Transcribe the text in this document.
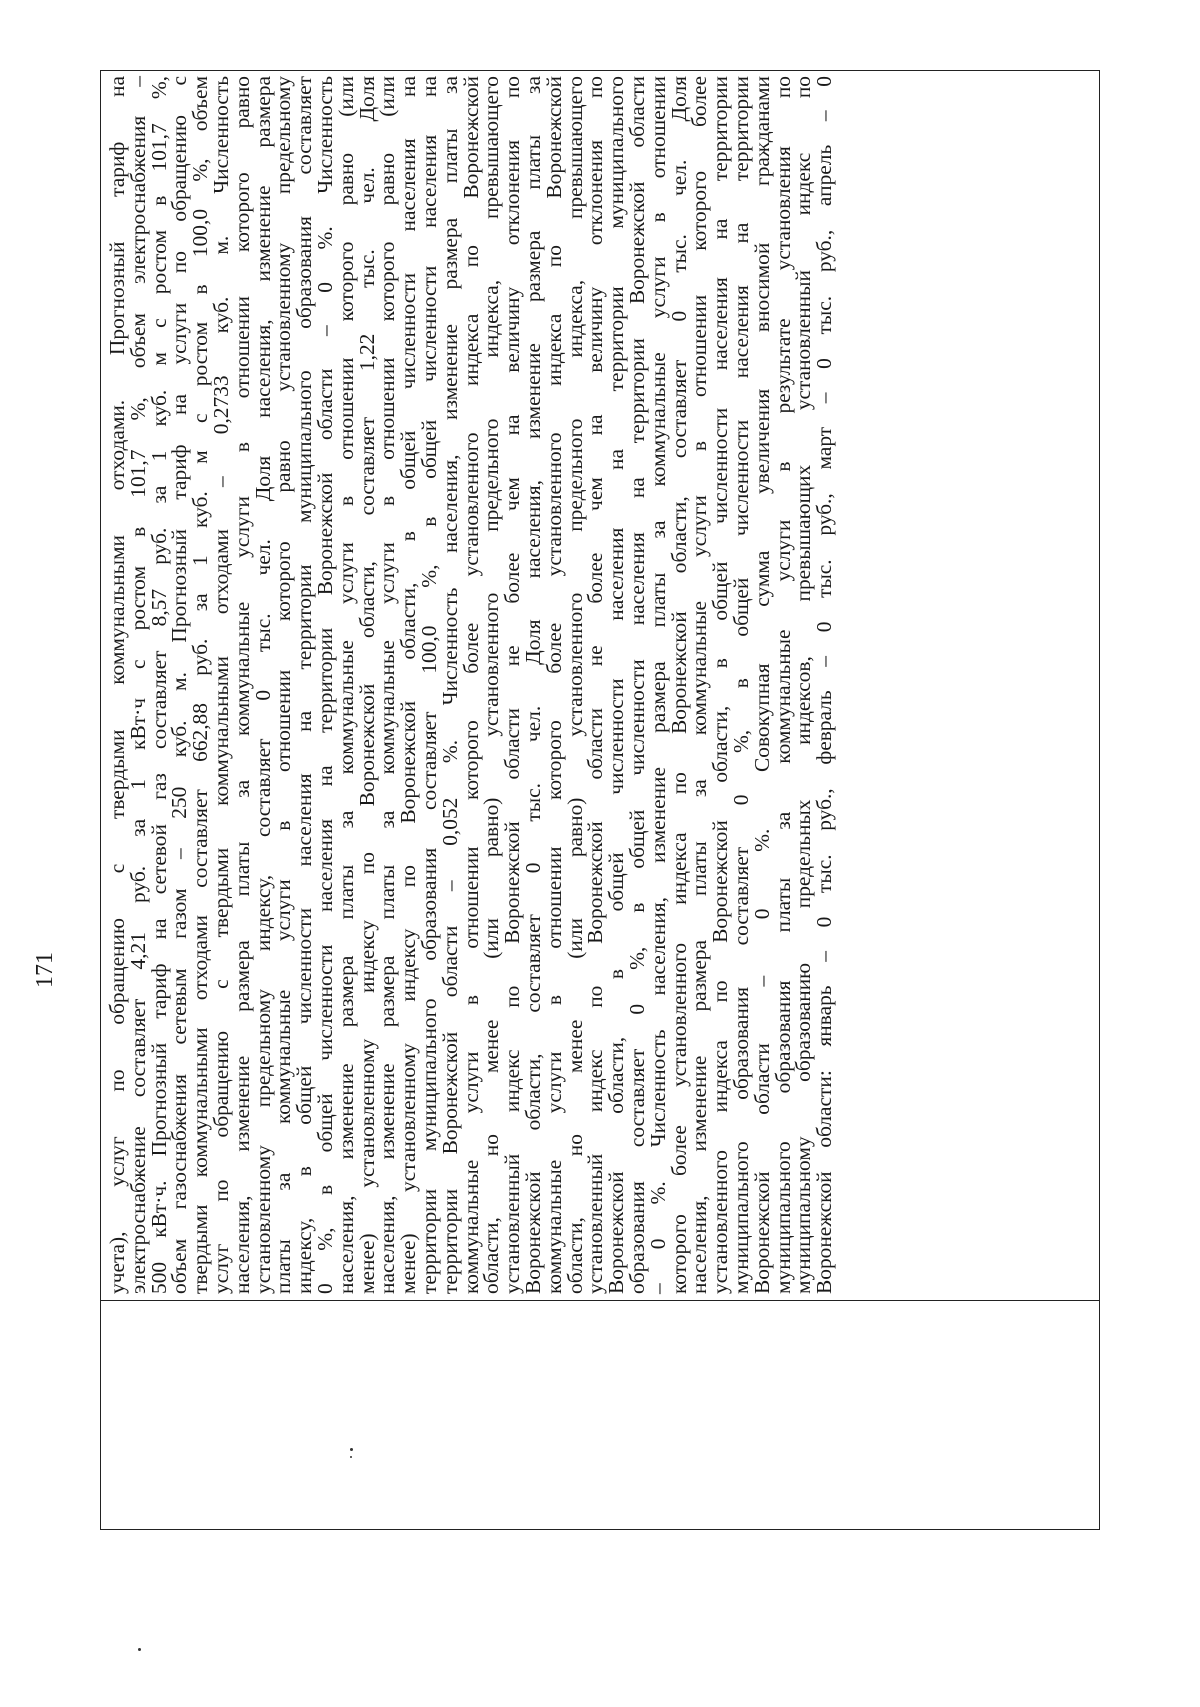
171 учета), услуг по обращению с твердыми коммунальными отходами. Прогнозный тариф на
электроснабжение составляет 4,21 руб. за 1 кВт·ч с ростом в 101,7 %, объем электроснабжения –
500 кВт·ч. Прогнозный тариф на сетевой газ составляет 8,57 руб. за 1 куб. м с ростом в 101,7 %,
объем газоснабжения сетевым газом – 250 куб. м. Прогнозный тариф на услуги по обращению с
твердыми коммунальными отходами составляет 662,88 руб. за 1 куб. м с ростом в 100,0 %, объем
услуг по обращению с твердыми коммунальными отходами – 0,2733 куб. м. Численность
населения, изменение размера платы за коммунальные услуги в отношении которого равно
установленному предельному индексу, составляет 0 тыс. чел. Доля населения, изменение размера
платы за коммунальные услуги в отношении которого равно установленному предельному
индексу, в общей численности населения на территории муниципального образования составляет
0 %, в общей численности населения на территории Воронежской области – 0 %. Численность
населения, изменение размера платы за коммунальные услуги в отношении которого равно (или
менее) установленному индексу по Воронежской области, составляет 1,22 тыс. чел. Доля
населения, изменение размера платы за коммунальные услуги в отношении которого равно (или
менее) установленному индексу по Воронежской области, в общей численности населения на
территории муниципального образования составляет 100,0 %, в общей численности населения на
территории Воронежской области – 0,052 %. Численность населения, изменение размера платы за
коммунальные услуги в отношении которого более установленного индекса по Воронежской
области, но менее (или равно) установленного предельного индекса, превышающего
установленный индекс по Воронежской области не более чем на величину отклонения по
Воронежской области, составляет 0 тыс. чел. Доля населения, изменение размера платы за
коммунальные услуги в отношении которого более установленного индекса по Воронежской
области, но менее (или равно) установленного предельного индекса, превышающего
установленный индекс по Воронежской области не более чем на величину отклонения по
Воронежской области, в общей численности населения на территории муниципального
образования составляет 0 %, в общей численности населения на территории Воронежской области
– 0 %. Численность населения, изменение размера платы за коммунальные услуги в отношении
которого более установленного индекса по Воронежской области, составляет 0 тыс. чел. Доля
населения, изменение размера платы за коммунальные услуги в отношении которого более
установленного индекса по Воронежской области, в общей численности населения на территории
муниципального образования составляет 0 %, в общей численности населения на территории
Воронежской области – 0 %. Совокупная сумма увеличения вносимой гражданами
муниципального образования платы за коммунальные услуги в результате установления по
муниципальному образованию предельных индексов, превышающих установленный индекс по
Воронежской области: январь – 0 тыс. руб., февраль – 0 тыс. руб., март – 0 тыс. руб., апрель – 0
